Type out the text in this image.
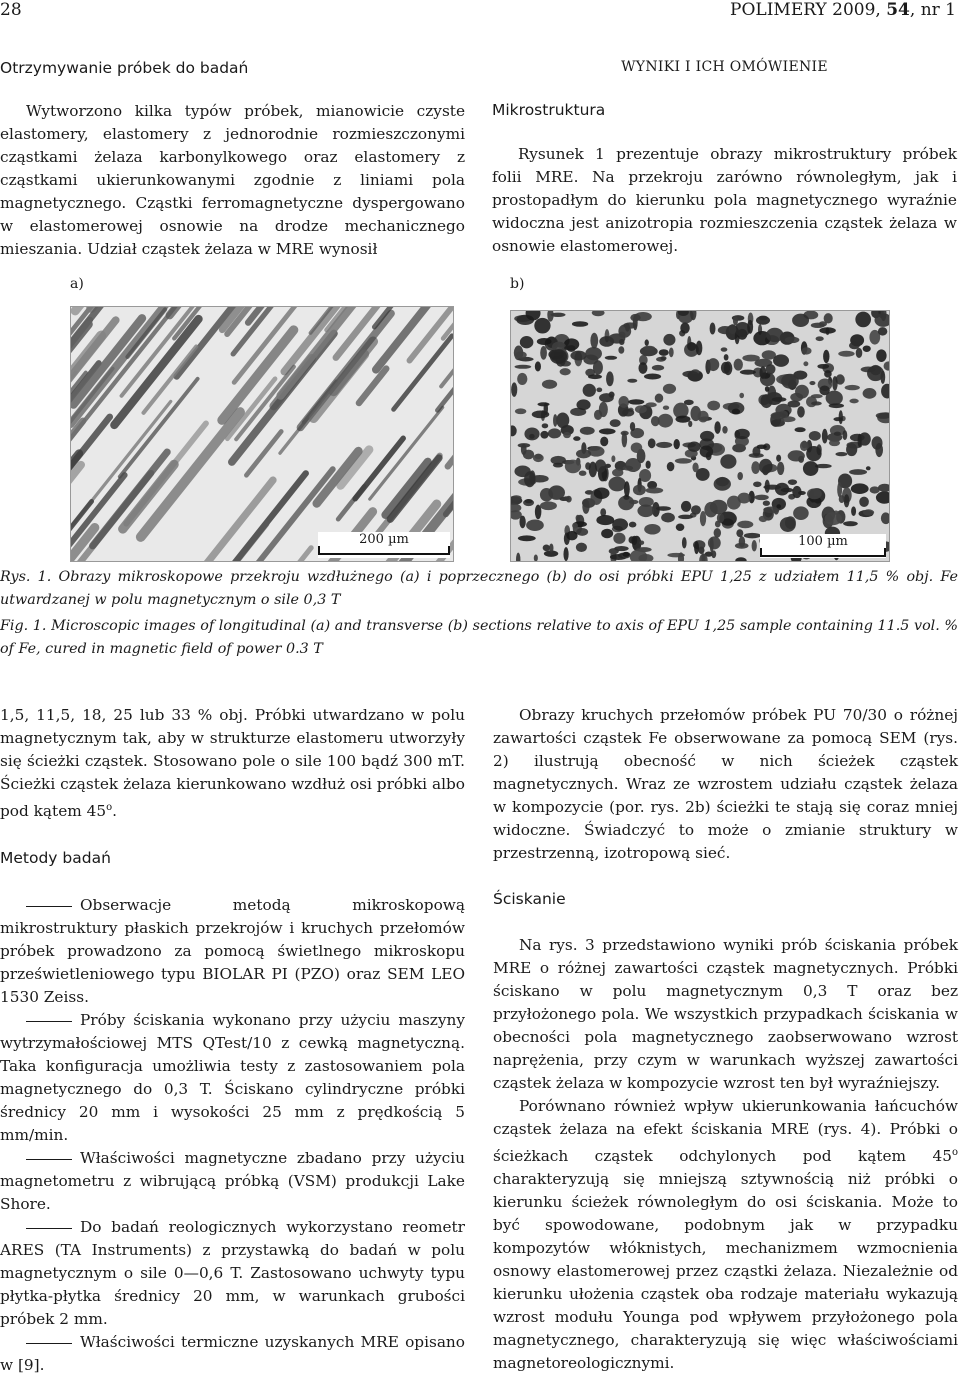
28	POLIMERY 2009, 54, nr 1
Otrzymywanie próbek do badań

Wytworzono kilka typów próbek, mianowicie czyste elastomery, elastomery z jednorodnie rozmieszczonymi cząstkami żelaza karbonylkowego oraz elastomery z cząstkami ukierunkowanymi zgodnie z liniami pola magnetycznego. Cząstki ferromagnetyczne dyspergowano w elastomerowej osnowie na drodze mechanicznego mieszania. Udział cząstek żelaza w MRE wynosił

WYNIKI I ICH OMÓWIENIE
Mikrostruktura

Rysunek 1 prezentuje obrazy mikrostruktury próbek folii MRE. Na przekroju zarówno równoległym, jak i prostopadłym do kierunku pola magnetycznego wyraźnie widoczna jest anizotropia rozmieszczenia cząstek żelaza w osnowie elastomerowej.

a)
200 µm
b)
100 µm

Rys. 1. Obrazy mikroskopowe przekroju wzdłużnego (a) i poprzecznego (b) do osi próbki EPU 1,25 z udziałem 11,5 % obj. Fe utwardzanej w polu magnetycznym o sile 0,3 T

Fig. 1. Microscopic images of longitudinal (a) and transverse (b) sections relative to axis of EPU 1,25 sample containing 11.5 vol. % of Fe, cured in magnetic field of power 0.3 T

1,5, 11,5, 18, 25 lub 33 % obj. Próbki utwardzano w polu magnetycznym tak, aby w strukturze elastomeru utworzyły się ścieżki cząstek. Stosowano pole o sile 100 bądź 300 mT. Ścieżki cząstek żelaza kierunkowano wzdłuż osi próbki albo pod kątem 45$^o$.

Metody badań

Obserwacje metodą mikroskopową mikrostruktury płaskich przekrojów i kruchych przełomów próbek prowadzono za pomocą świetlnego mikroskopu prześwietleniowego typu BIOLAR PI (PZO) oraz SEM LEO 1530 Zeiss.

Próby ściskania wykonano przy użyciu maszyny wytrzymałościowej MTS QTest/10 z cewką magnetyczną. Taka konfiguracja umożliwia testy z zastosowaniem pola magnetycznego do 0,3 T. Ściskano cylindryczne próbki średnicy 20 mm i wysokości 25 mm z prędkością 5 mm/min.

Właściwości magnetyczne zbadano przy użyciu magnetometru z wibrującą próbką (VSM) produkcji Lake Shore.

Do badań reologicznych wykorzystano reometr ARES (TA Instruments) z przystawką do badań w polu magnetycznym o sile 0—0,6 T. Zastosowano uchwyty typu płytka-płytka średnicy 20 mm, w warunkach grubości próbek 2 mm.

Właściwości termiczne uzyskanych MRE opisano w [9].

Obrazy kruchych przełomów próbek PU 70/30 o różnej zawartości cząstek Fe obserwowane za pomocą SEM (rys. 2) ilustrują obecność w nich ścieżek cząstek magnetycznych. Wraz ze wzrostem udziału cząstek żelaza w kompozycie (por. rys. 2b) ścieżki te stają się coraz mniej widoczne. Świadczyć to może o zmianie struktury w przestrzenną, izotropową sieć.

Ściskanie

Na rys. 3 przedstawiono wyniki prób ściskania próbek MRE o różnej zawartości cząstek magnetycznych. Próbki ściskano w polu magnetycznym 0,3 T oraz bez przyłożonego pola. We wszystkich przypadkach ściskania w obecności pola magnetycznego zaobserwowano wzrost naprężenia, przy czym w warunkach wyższej zawartości cząstek żelaza w kompozycie wzrost ten był wyraźniejszy.

Porównano również wpływ ukierunkowania łańcuchów cząstek żelaza na efekt ściskania MRE (rys. 4). Próbki o ścieżkach cząstek odchylonych pod kątem 45$^o$ charakteryzują się mniejszą sztywnością niż próbki o kierunku ścieżek równoległym do osi ściskania. Może to być spowodowane, podobnym jak w przypadku kompozytów włóknistych, mechanizmem wzmocnienia osnowy elastomerowej przez cząstki żelaza. Niezależnie od kierunku ułożenia cząstek oba rodzaje materiału wykazują wzrost modułu Younga pod wpływem przyłożonego pola magnetycznego, charakteryzują się więc właściwościami magnetoreologicznymi.
